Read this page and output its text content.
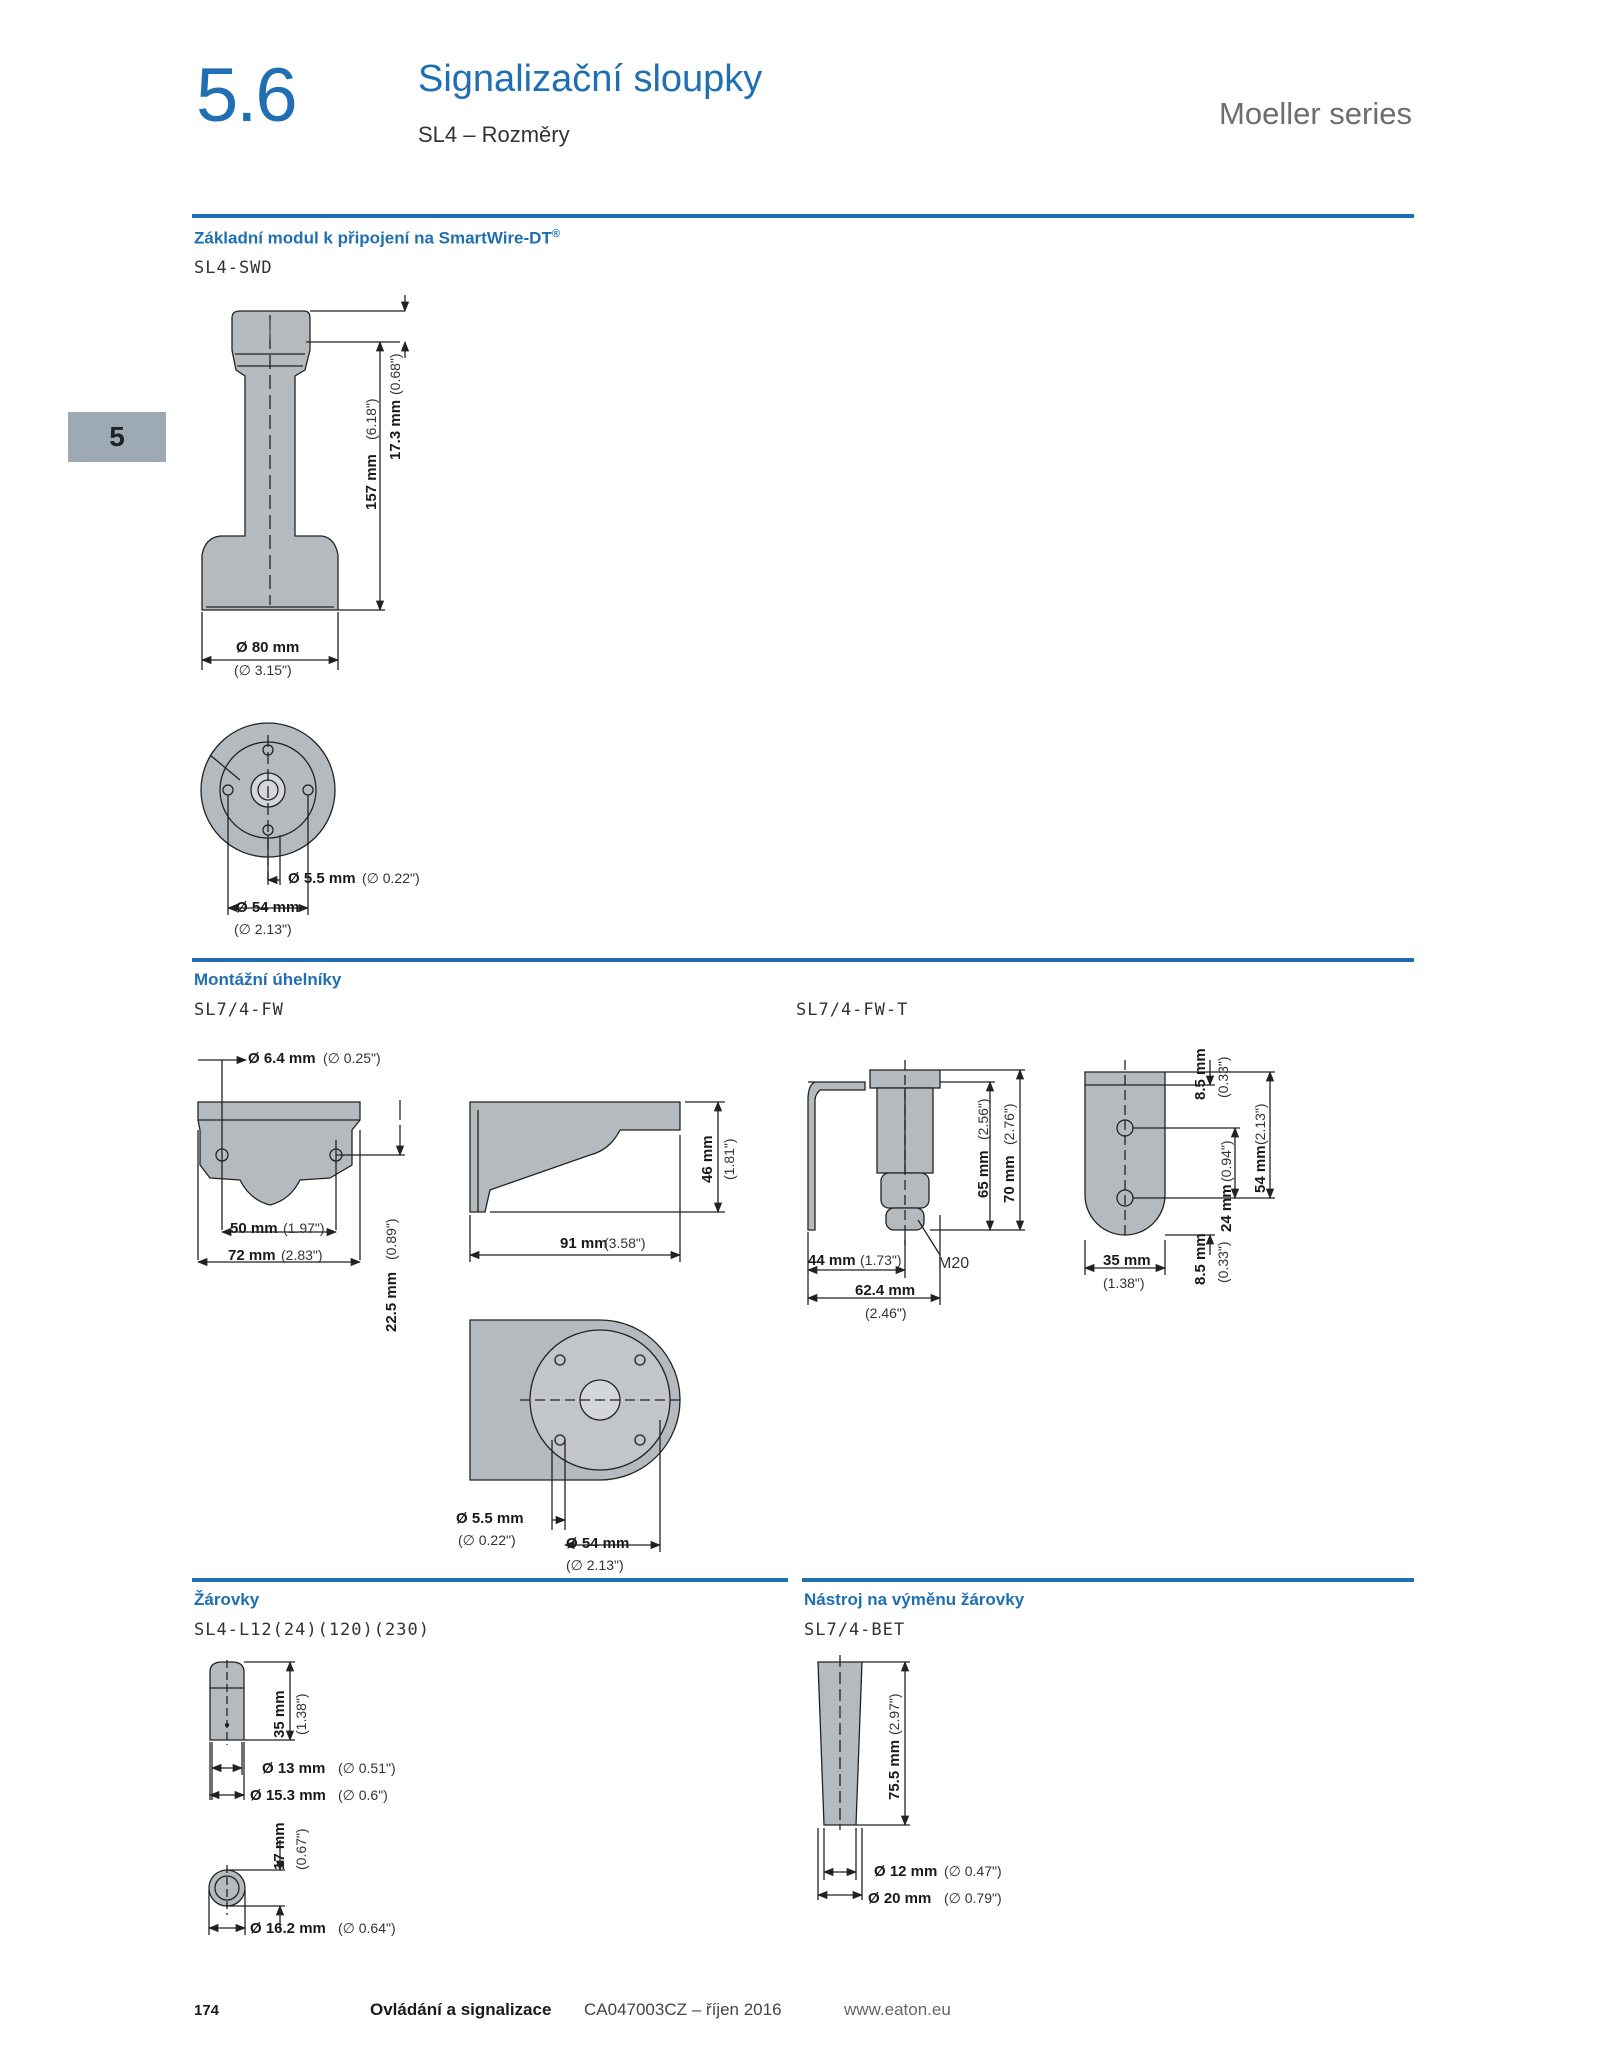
5.6	Signalizační sloupky
SL4 – Rozměry
Moeller series
5
Základní modul k připojení na SmartWire-DT®
SL4-SWD
157 mm
(6.18") 17.3 mm
(0.68")
Ø 80 mm
(∅ 3.15")
Ø 5.5 mm (∅ 0.22")
Ø 54 mm
(∅ 2.13")
Ø 6.4 mm (∅ 0.25")
50 mm (1.97")
72 mm (2.83")
22.5 mm
(0.89")	91 mm
(3.58")
46 mm (1.81")
Ø 5.5 mm
(∅ 0.22")	Ø 54 mm
(∅ 2.13")
65 mm
(2.56")
70 mm
(2.76")
44 mm (1.73") M20
62.4 mm
(2.46")
8.5 mm (0.33")
54 mm
(2.13")
24 mm
(0.94")
8.5 mm (0.33")
35 mm
(1.38")
35 mm (1.38")
Ø 13 mm (∅ 0.51")
Ø 15.3 mm (∅ 0.6")
17 mm (0.67")
Ø 16.2 mm (∅ 0.64")
75.5 mm
(2.97")
Ø 12 mm (∅ 0.47")
Ø 20 mm (∅ 0.79")
Montážní úhelníky
SL7/4-FW	SL7/4-FW-T
Žárovky
SL4-L12(24)(120)(230)
Nástroj na výměnu žárovky
SL7/4-BET
174	Ovládání a signalizace CA047003CZ – říjen 2016	www.eaton.eu
